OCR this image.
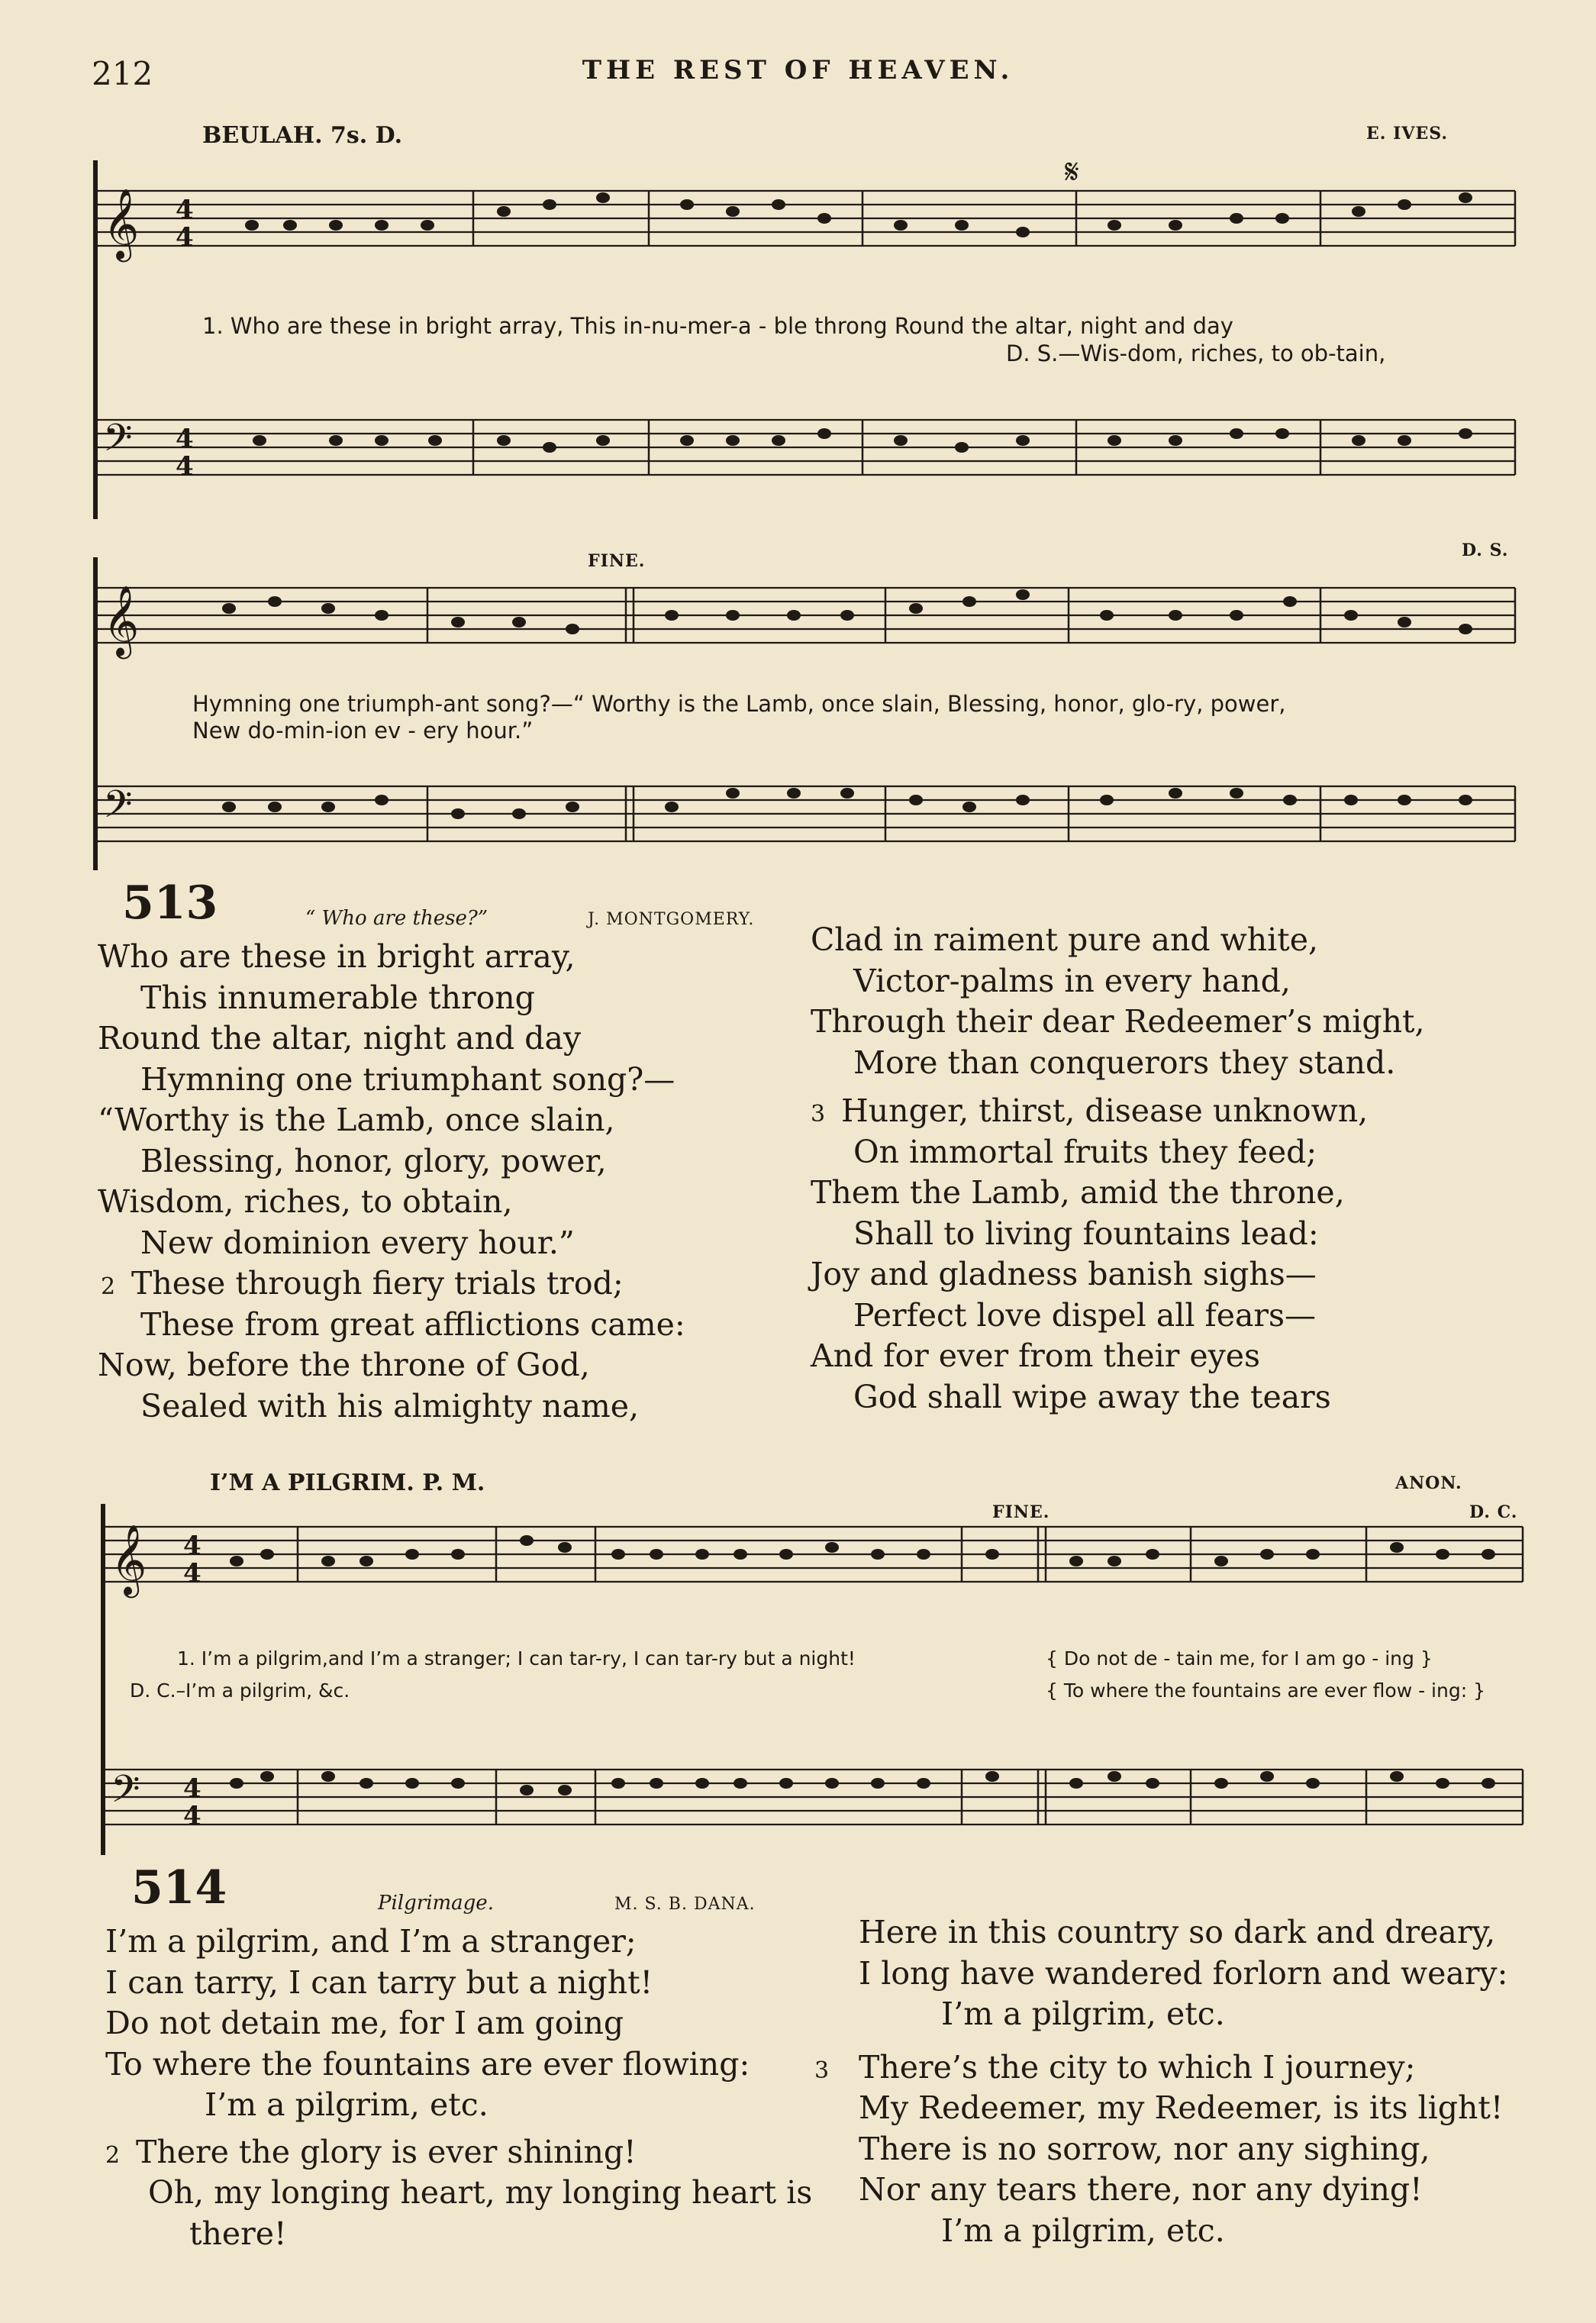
212	THE REST OF HEAVEN.
BEULAH. 7s. D.	E. IVES.
𝄞
𝄢
𝄞
𝄢
𝄞
𝄢
4
4
4
4
4
4
4
4
𝄋
1. Who are these in bright array, This in-nu-mer-a - ble throng Round the altar, night and day
D. S.—Wis-dom, riches, to ob-tain,
FINE.
D. S.
Hymning one triumph-ant song?—“ Worthy is the Lamb, once slain, Blessing, honor, glo-ry, power,
New do-min-ion ev - ery hour.”
513	“ Who are these?”	J. MONTGOMERY.
Who are these in bright array,
This innumerable throng
Round the altar, night and day
Hymning one triumphant song?—
“Worthy is the Lamb, once slain,
Blessing, honor, glory, power,
Wisdom, riches, to obtain,
New dominion every hour.”
2 These through fiery trials trod;
These from great afflictions came:
Now, before the throne of God,
Sealed with his almighty name,
Clad in raiment pure and white,
Victor-palms in every hand,
Through their dear Redeemer’s might,
More than conquerors they stand.
3 Hunger, thirst, disease unknown,
On immortal fruits they feed;
Them the Lamb, amid the throne,
Shall to living fountains lead:
Joy and gladness banish sighs—
Perfect love dispel all fears—
And for ever from their eyes
God shall wipe away the tears
I’M A PILGRIM. P. M.	ANON.
FINE.	D. C.
1. I’m a pilgrim,and I’m a stranger; I can tar-ry, I can tar-ry but a night!
D. C.–I’m a pilgrim, &c.
{ Do not de - tain me, for I am go - ing }
{ To where the fountains are ever flow - ing: }
514	Pilgrimage.	M. S. B. DANA.
I’m a pilgrim, and I’m a stranger;
I can tarry, I can tarry but a night!
Do not detain me, for I am going
To where the fountains are ever flowing:
I’m a pilgrim, etc.
2 There the glory is ever shining!
Oh, my longing heart, my longing heart is
there!
Here in this country so dark and dreary,
I long have wandered forlorn and weary:
I’m a pilgrim, etc.
3 There’s the city to which I journey;
My Redeemer, my Redeemer, is its light!
There is no sorrow, nor any sighing,
Nor any tears there, nor any dying!
I’m a pilgrim, etc.
